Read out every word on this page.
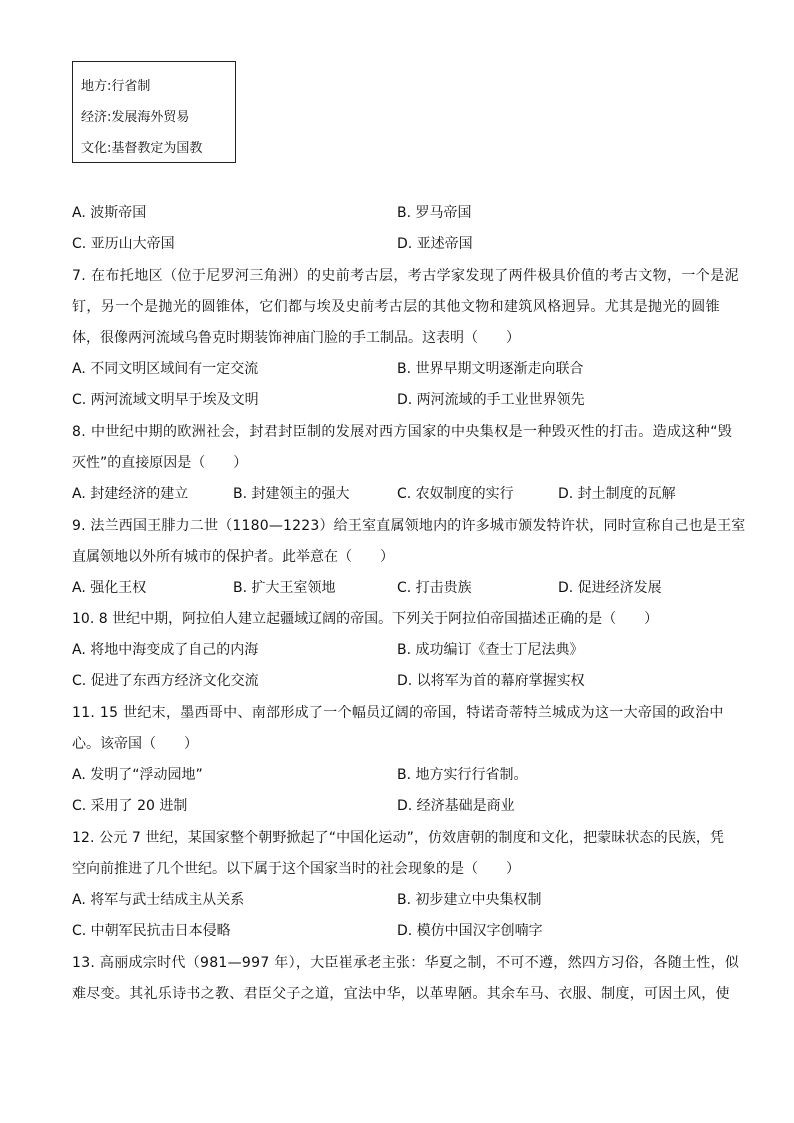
地方:行省制
经济:发展海外贸易
文化:基督教定为国教
A. 波斯帝国	B. 罗马帝国
C. 亚历山大帝国	D. 亚述帝国
7. 在布托地区（位于尼罗河三角洲）的史前考古层，考古学家发现了两件极具价值的考古文物，一个是泥
钉，另一个是抛光的圆锥体，它们都与埃及史前考古层的其他文物和建筑风格迥异。尤其是抛光的圆锥
体，很像两河流域乌鲁克时期装饰神庙门脸的手工制品。这表明（　　）
A. 不同文明区域间有一定交流	B. 世界早期文明逐渐走向联合
C. 两河流域文明早于埃及文明	D. 两河流域的手工业世界领先
8. 中世纪中期的欧洲社会，封君封臣制的发展对西方国家的中央集权是一种毁灭性的打击。造成这种“毁
灭性”的直接原因是（　　）
A. 封建经济的建立	B. 封建领主的强大	C. 农奴制度的实行	D. 封土制度的瓦解
9. 法兰西国王腓力二世（1180—1223）给王室直属领地内的许多城市颁发特许状，同时宣称自己也是王室
直属领地以外所有城市的保护者。此举意在（　　）
A. 强化王权	B. 扩大王室领地	C. 打击贵族	D. 促进经济发展
10. 8 世纪中期，阿拉伯人建立起疆域辽阔的帝国。下列关于阿拉伯帝国描述正确的是（　　）
A. 将地中海变成了自己的内海	B. 成功编订《查士丁尼法典》
C. 促进了东西方经济文化交流	D. 以将军为首的幕府掌握实权
11. 15 世纪末，墨西哥中、南部形成了一个幅员辽阔的帝国，特诺奇蒂特兰城成为这一大帝国的政治中
心。该帝国（　　）
A. 发明了“浮动园地”	B. 地方实行行省制。
C. 采用了 20 进制	D. 经济基础是商业
12. 公元 7 世纪，某国家整个朝野掀起了“中国化运动”，仿效唐朝的制度和文化，把蒙昧状态的民族，凭
空向前推进了几个世纪。以下属于这个国家当时的社会现象的是（　　）
A. 将军与武士结成主从关系	B. 初步建立中央集权制
C. 中朝军民抗击日本侵略	D. 模仿中国汉字创喃字
13. 高丽成宗时代（981—997 年），大臣崔承老主张：华夏之制，不可不遵，然四方习俗，各随土性，似
难尽变。其礼乐诗书之教、君臣父子之道，宜法中华，以革卑陋。其余车马、衣服、制度，可因土风，使
